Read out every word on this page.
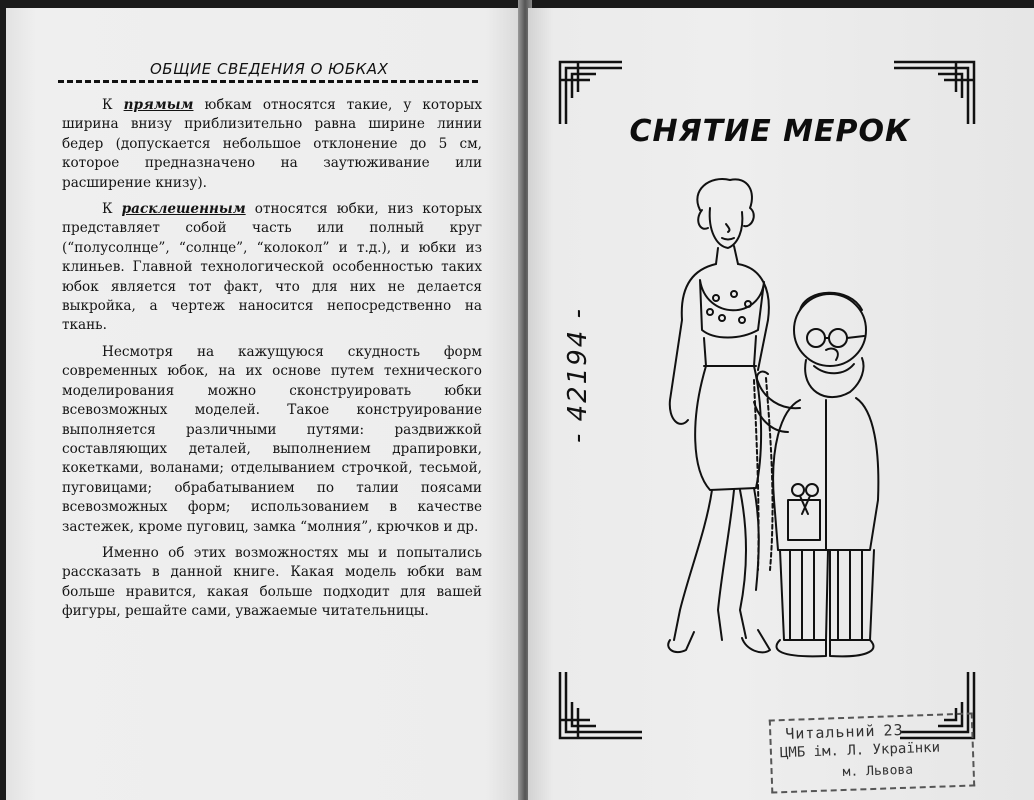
ОБЩИЕ СВЕДЕНИЯ О ЮБКАХ

К прямым юбкам относятся такие, у которых ширина внизу приблизительно равна ширине линии бедер (допускается небольшое отклонение до 5 см, которое предназначено на заутюживание или расширение книзу).

К расклешенным относятся юбки, низ которых представляет собой часть или полный круг (“полусолнце”, “солнце”, “колокол” и т.д.), и юбки из клиньев. Главной технологической особенностью таких юбок является тот факт, что для них не делается выкройка, а чертеж наносится непосредственно на ткань.

Несмотря на кажущуюся скудность форм современных юбок, на их основе путем технического моделирования можно сконструировать юбки всевозможных моделей. Такое конструирование выполняется различными путями: раздвижкой составляющих деталей, выполнением драпировки, кокетками, воланами; отделыванием строчкой, тесьмой, пуговицами; обрабатыванием по талии поясами всевозможных форм; использованием в качестве застежек, кроме пуговиц, замка “молния”, крючков и др.

Именно об этих возможностях мы и попытались рассказать в данной книге. Какая модель юбки вам больше нравится, какая больше подходит для вашей фигуры, решайте сами, уважаемые читательницы.

СНЯТИЕ МЕРОК
- 42194 -
Читальний 23
ЦМБ ім. Л. Українки
м. Львова
